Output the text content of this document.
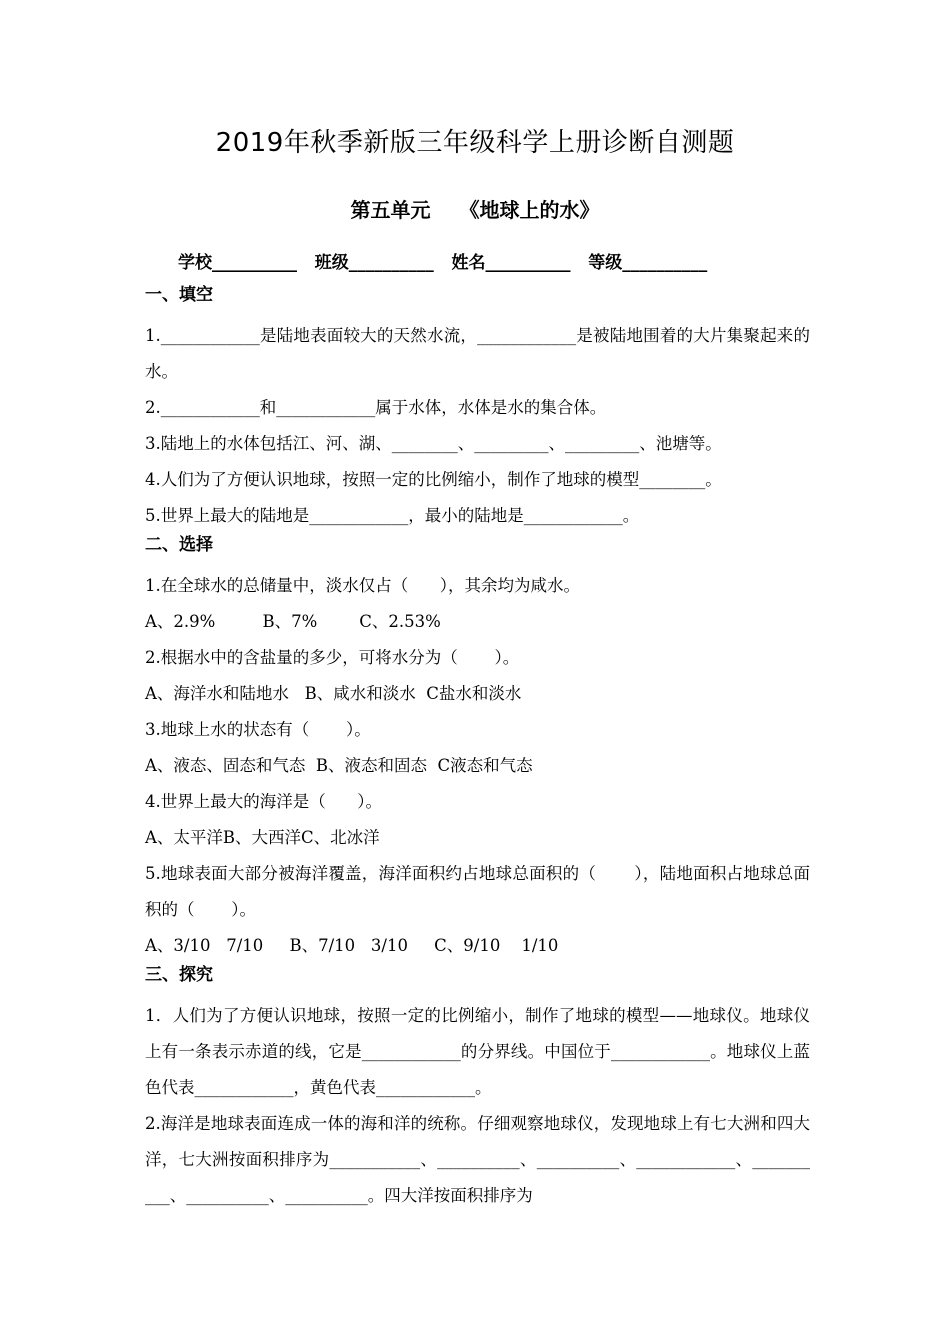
2019年秋季新版三年级科学上册诊断自测题
第五单元 《地球上的水》
学校__________   班级__________   姓名__________   等级__________
一、填空
1.____________是陆地表面较大的天然水流，____________是被陆地围着的大片集聚起来的水。
2.____________和____________属于水体，水体是水的集合体。
3.陆地上的水体包括江、河、湖、________、_________、_________、池塘等。
4.人们为了方便认识地球，按照一定的比例缩小，制作了地球的模型________。
5.世界上最大的陆地是____________，最小的陆地是____________。
二、选择
1.在全球水的总储量中，淡水仅占（      ），其余均为咸水。
A、2.9%         B、7%        C、2.53%
2.根据水中的含盐量的多少，可将水分为（       ）。
A、海洋水和陆地水   B、咸水和淡水  C盐水和淡水
3.地球上水的状态有（       ）。
A、液态、固态和气态  B、液态和固态  C液态和气态
4.世界上最大的海洋是（      ）。
A、太平洋B、大西洋C、北冰洋
5.地球表面大部分被海洋覆盖，海洋面积约占地球总面积的（       ），陆地面积占地球总面积的（       ）。
A、3/10   7/10     B、7/10   3/10     C、9/10    1/10
三、探究
1．人们为了方便认识地球，按照一定的比例缩小，制作了地球的模型——地球仪。地球仪上有一条表示赤道的线，它是____________的分界线。中国位于____________。地球仪上蓝色代表____________，黄色代表____________。
2.海洋是地球表面连成一体的海和洋的统称。仔细观察地球仪，发现地球上有七大洲和四大洋，七大洲按面积排序为___________、__________、__________、____________、__________、__________、__________。四大洋按面积排序为
